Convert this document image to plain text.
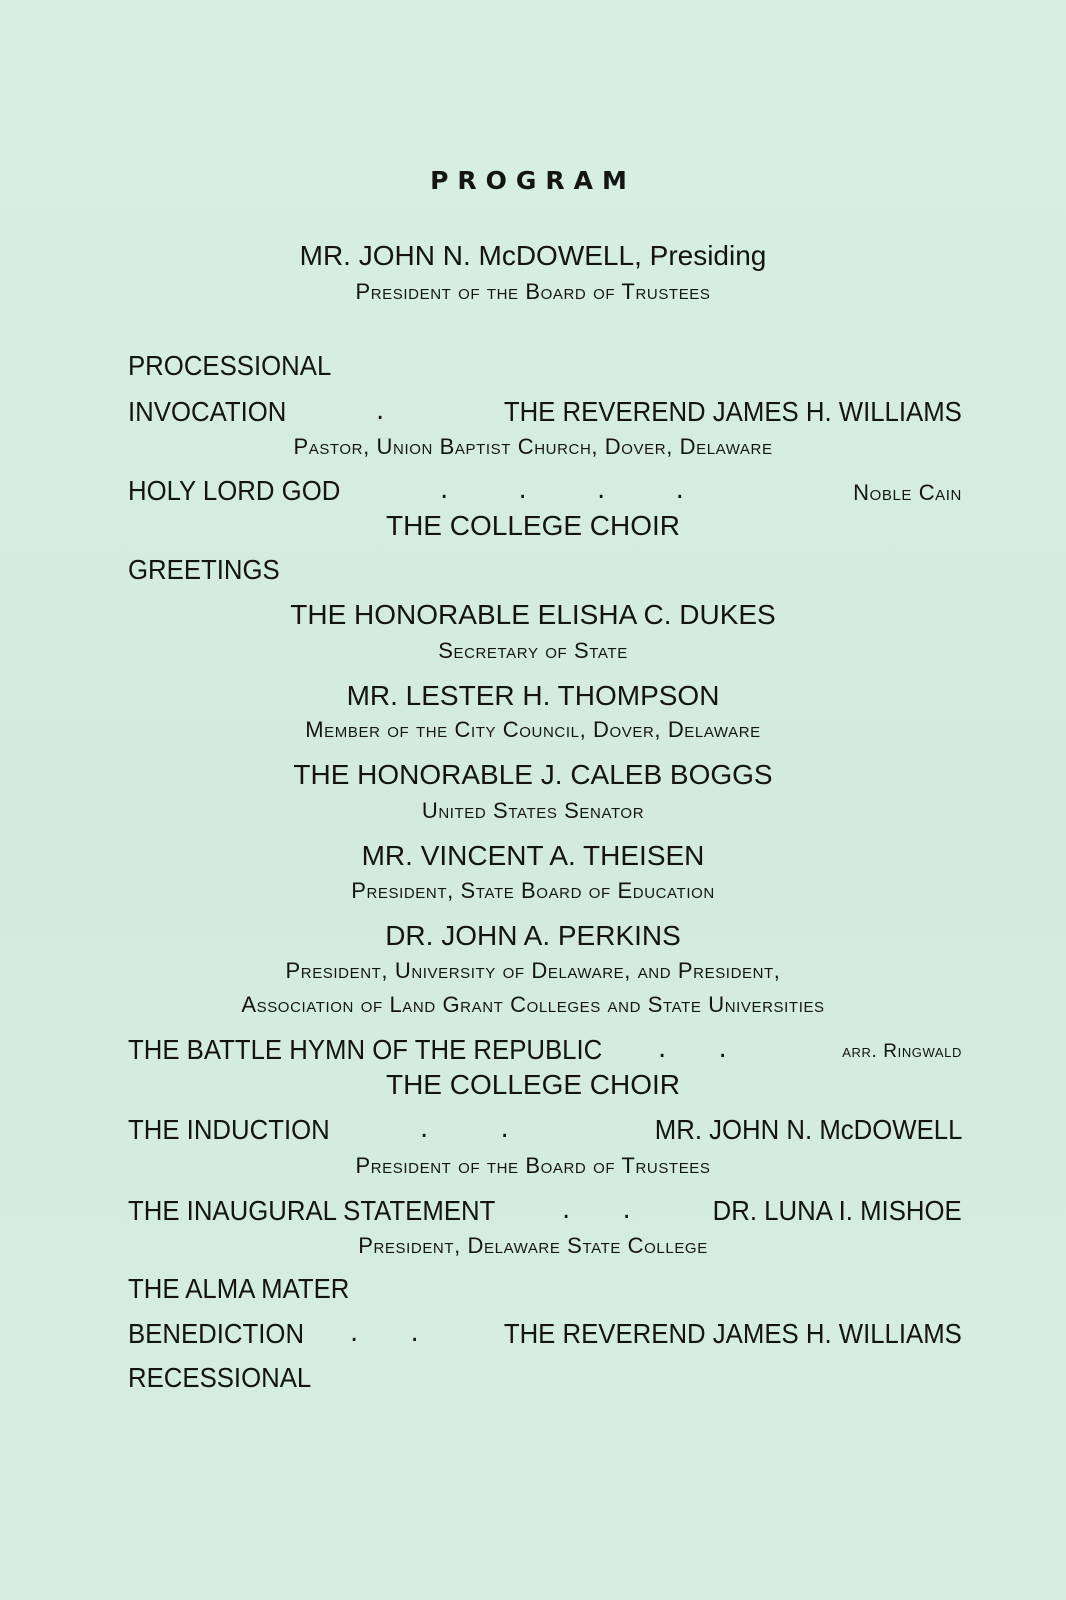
PROGRAM
MR. JOHN N. McDOWELL, Presiding
President of the Board of Trustees
PROCESSIONAL
INVOCATION	.	THE REVEREND JAMES H. WILLIAMS
Pastor, Union Baptist Church, Dover, Delaware
HOLY LORD GOD	. . . .	Noble Cain
THE COLLEGE CHOIR
GREETINGS
THE HONORABLE ELISHA C. DUKES
Secretary of State
MR. LESTER H. THOMPSON
Member of the City Council, Dover, Delaware
THE HONORABLE J. CALEB BOGGS
United States Senator
MR. VINCENT A. THEISEN
President, State Board of Education
DR. JOHN A. PERKINS
President, University of Delaware, and President,
Association of Land Grant Colleges and State Universities
THE BATTLE HYMN OF THE REPUBLIC . .	arr. Ringwald
THE COLLEGE CHOIR
THE INDUCTION	. .	MR. JOHN N. McDOWELL
President of the Board of Trustees
THE INAUGURAL STATEMENT	. .	DR. LUNA I. MISHOE
President, Delaware State College
THE ALMA MATER
BENEDICTION . .	THE REVEREND JAMES H. WILLIAMS
RECESSIONAL
